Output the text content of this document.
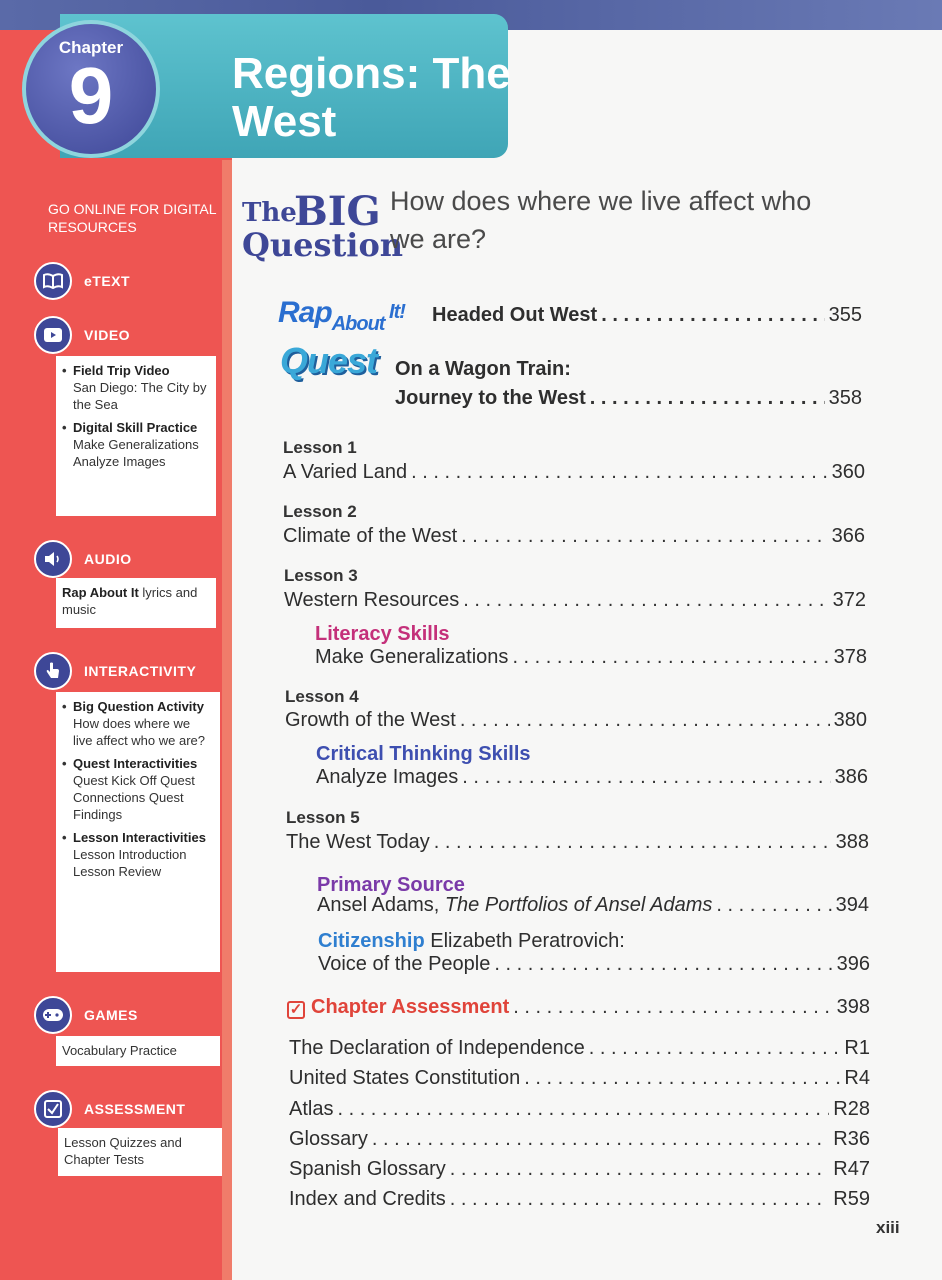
Regions: The West
Chapter
9
GO ONLINE FOR DIGITAL RESOURCES
eTEXT
VIDEO
• Field Trip Video
San Diego: The City by the Sea
• Digital Skill Practice
Make Generalizations Analyze Images
AUDIO
Rap About It lyrics and music
INTERACTIVITY
• Big Question Activity
How does where we live affect who we are?
• Quest Interactivities
Quest Kick Off Quest Connections Quest Findings
• Lesson Interactivities
Lesson Introduction Lesson Review
GAMES
Vocabulary Practice
ASSESSMENT
Lesson Quizzes and Chapter Tests
The
BIG
Question
How does where we live affect who we are?
Rap$_{About}$ It! Headed Out West . . .	355
Quest On a Wagon Train:
Journey to the West . . .	358
Lesson 1
A Varied Land . . .	360
Lesson 2
Climate of the West . . .	366
Lesson 3
Western Resources . . .	372
Literacy Skills
Make Generalizations . . .	378
Lesson 4
Growth of the West . . .	380
Critical Thinking Skills
Analyze Images . . .	386
Lesson 5
The West Today . . .	388
Primary Source
Ansel Adams, The Portfolios of Ansel Adams . . .	394
Citizenship Elizabeth Peratrovich:
Voice of the People . . .	396
✓ Chapter Assessment . . .	398
The Declaration of Independence . . .	R1
United States Constitution . . .	R4
Atlas . . .	R28
Glossary . . .	R36
Spanish Glossary . . .	R47
Index and Credits . . .	R59
xiii
